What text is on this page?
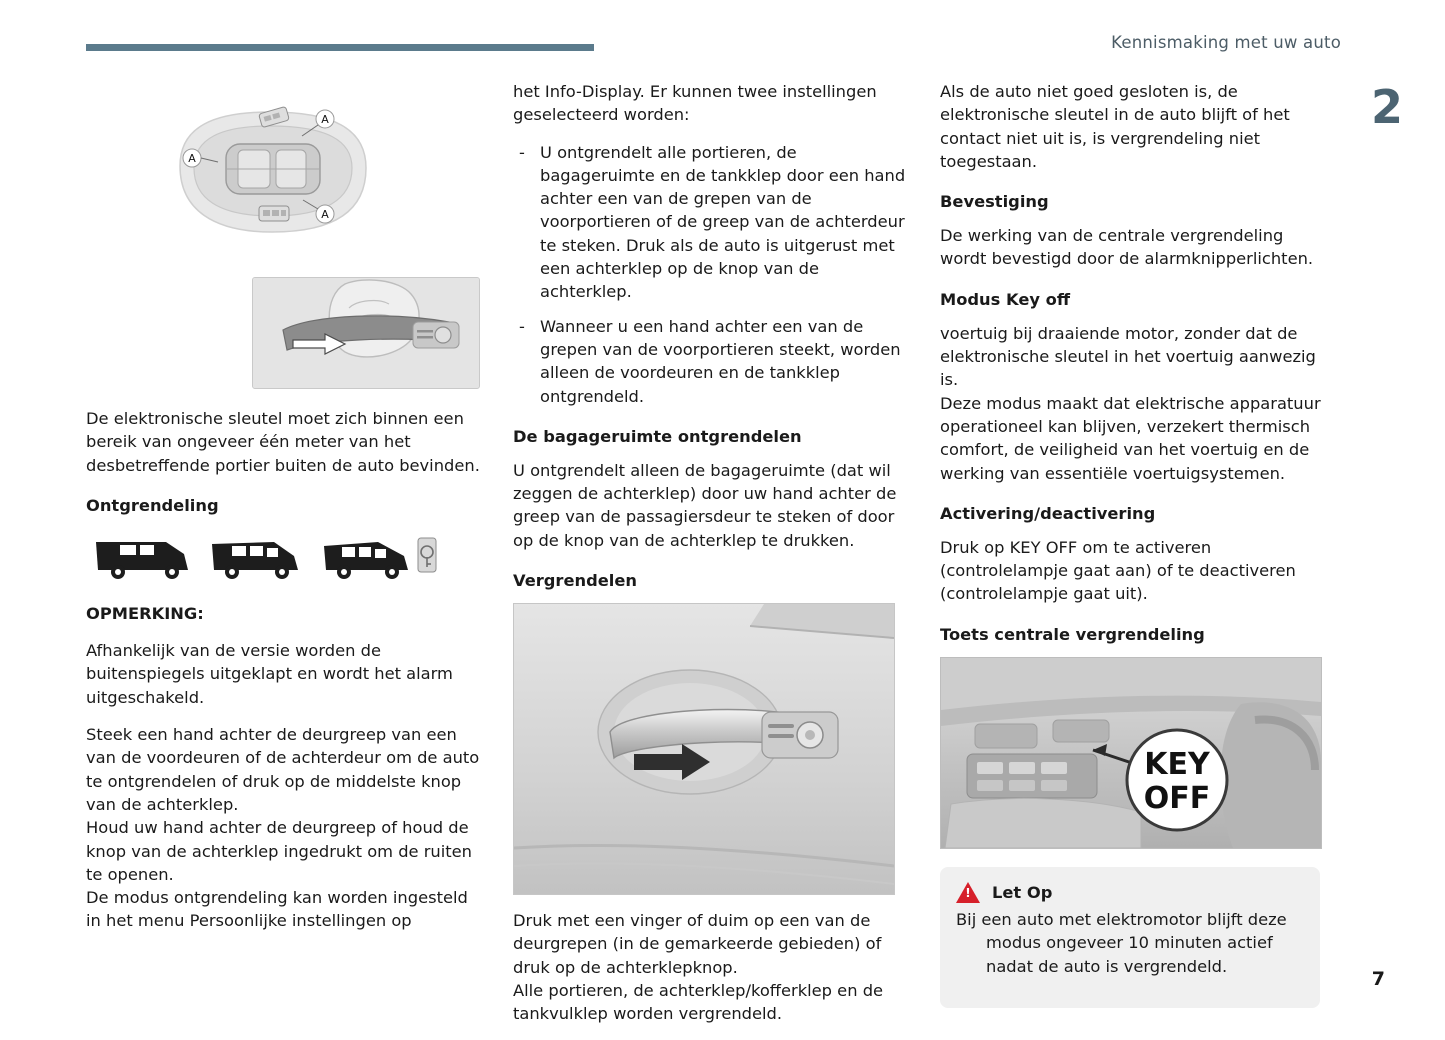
Kennismaking met uw auto
2
7
A
A
A

De elektronische sleutel moet zich binnen een bereik van ongeveer één meter van het desbetreffende portier buiten de auto bevinden.

Ontgrendeling

OPMERKING:

Afhankelijk van de versie worden de buitenspiegels uitgeklapt en wordt het alarm uitgeschakeld.

Steek een hand achter de deurgreep van een van de voordeuren of de achterdeur om de auto te ontgrendelen of druk op de middelste knop van de achterklep.

Houd uw hand achter de deurgreep of houd de knop van de achterklep ingedrukt om de ruiten te openen.

De modus ontgrendeling kan worden ingesteld in het menu Persoonlijke instellingen op

het Info-Display. Er kunnen twee instellingen geselecteerd worden:

- U ontgrendelt alle portieren, de bagageruimte en de tankklep door een hand achter een van de grepen van de voorportieren of de greep van de achterdeur te steken. Druk als de auto is uitgerust met een achterklep op de knop van de achterklep.
- Wanneer u een hand achter een van de grepen van de voorportieren steekt, worden alleen de voordeuren en de tankklep ontgrendeld.
De bagageruimte ontgrendelen

U ontgrendelt alleen de bagageruimte (dat wil zeggen de achterklep) door uw hand achter de greep van de passagiersdeur te steken of door op de knop van de achterklep te drukken.

Vergrendelen

Druk met een vinger of duim op een van de deurgrepen (in de gemarkeerde gebieden) of druk op de achterklepknop.

Alle portieren, de achterklep/kofferklep en de tankvulklep worden vergrendeld.

Als de auto niet goed gesloten is, de elektronische sleutel in de auto blijft of het contact niet uit is, is vergrendeling niet toegestaan.

Bevestiging

De werking van de centrale vergrendeling wordt bevestigd door de alarmknipperlichten.

Modus Key off

voertuig bij draaiende motor, zonder dat de elektronische sleutel in het voertuig aanwezig is.

Deze modus maakt dat elektrische apparatuur operationeel kan blijven, verzekert thermisch comfort, de veiligheid van het voertuig en de werking van essentiële voertuigsystemen.

Activering/deactivering

Druk op KEY OFF om te activeren (controlelampje gaat aan) of te deactiveren (controlelampje gaat uit).

Toets centrale vergrendeling
KEY
OFF
!
Let Op

Bij een auto met elektromotor blijft deze modus ongeveer 10 minuten actief nadat de auto is vergrendeld.
